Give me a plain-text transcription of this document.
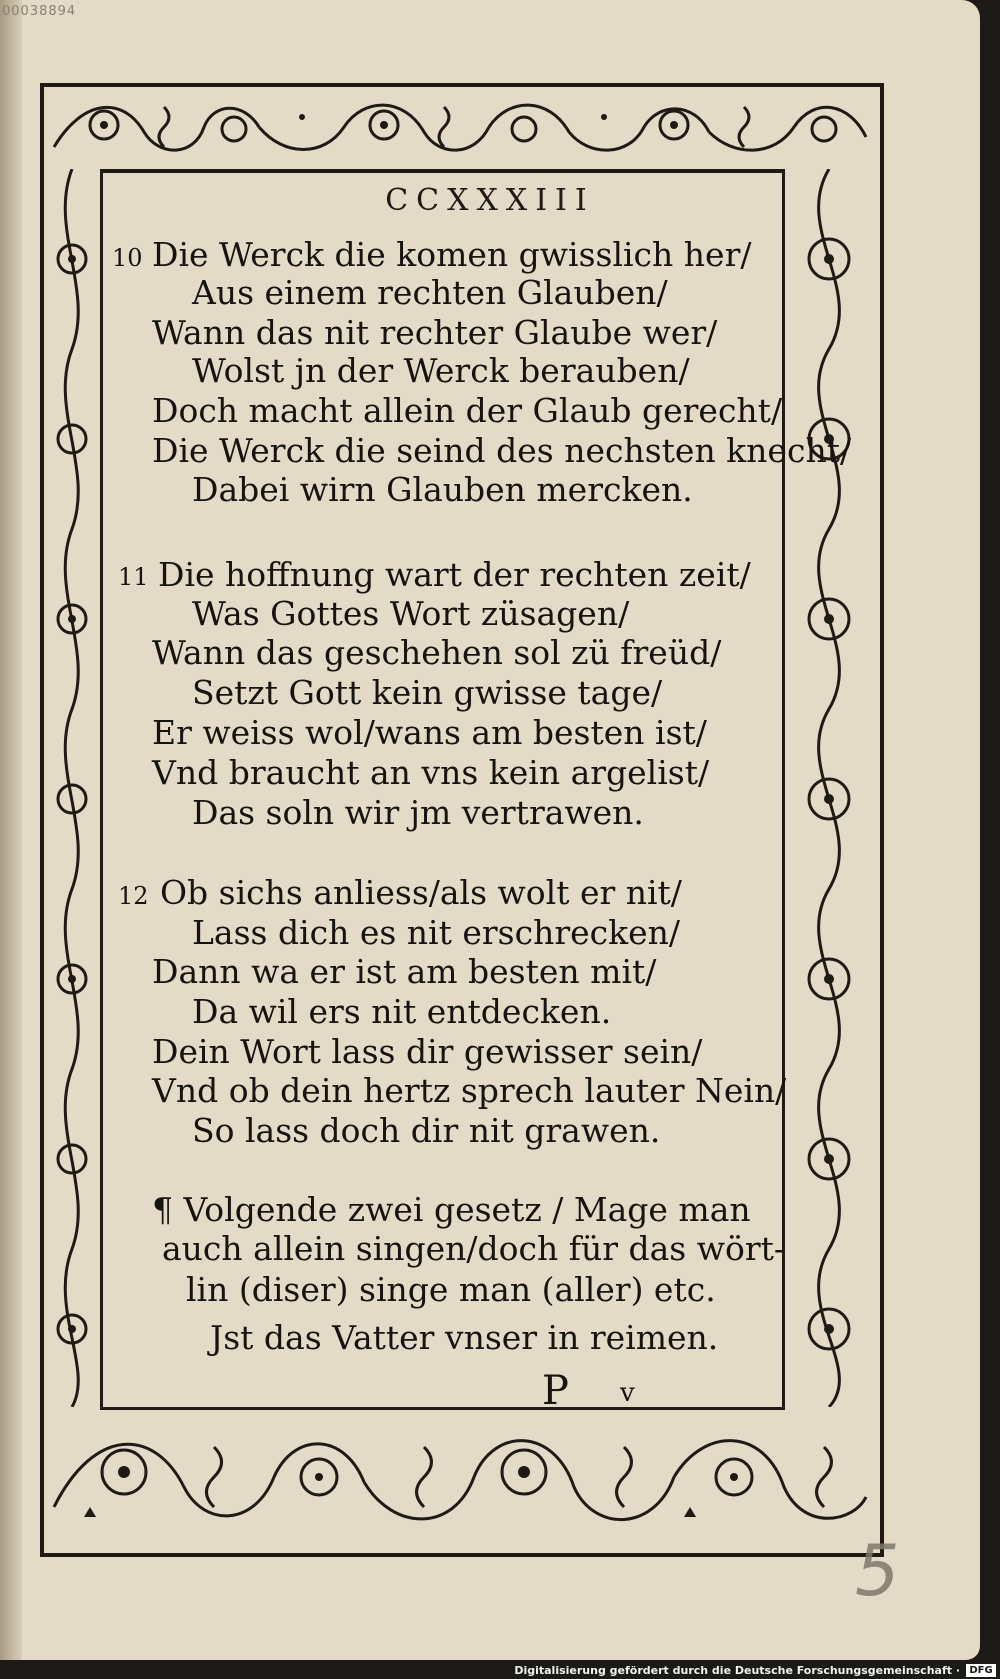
00038894
CCXXXIII
10 Die Werck die komen gwisslich her/
Aus einem rechten Glauben/
Wann das nit rechter Glaube wer/
Wolst jn der Werck berauben/
Doch macht allein der Glaub gerecht/
Die Werck die seind des nechsten knecht/
Dabei wirn Glauben mercken.
11 Die hoffnung wart der rechten zeit/
Was Gottes Wort züsagen/
Wann das geschehen sol zü freüd/
Setzt Gott kein gwisse tage/
Er weiss wol/wans am besten ist/
Vnd braucht an vns kein argelist/
Das soln wir jm vertrawen.
12 Ob sichs anliess/als wolt er nit/
Lass dich es nit erschrecken/
Dann wa er ist am besten mit/
Da wil ers nit entdecken.
Dein Wort lass dir gewisser sein/
Vnd ob dein hertz sprech lauter Nein/
So lass doch dir nit grawen.
¶ Volgende zwei gesetz / Mage man
auch allein singen/doch für das wört-
lin (diser) singe man (aller) etc.
Jst das Vatter vnser in reimen.
P v
5
Digitalisierung gefördert durch die Deutsche Forschungsgemeinschaft · DFG
